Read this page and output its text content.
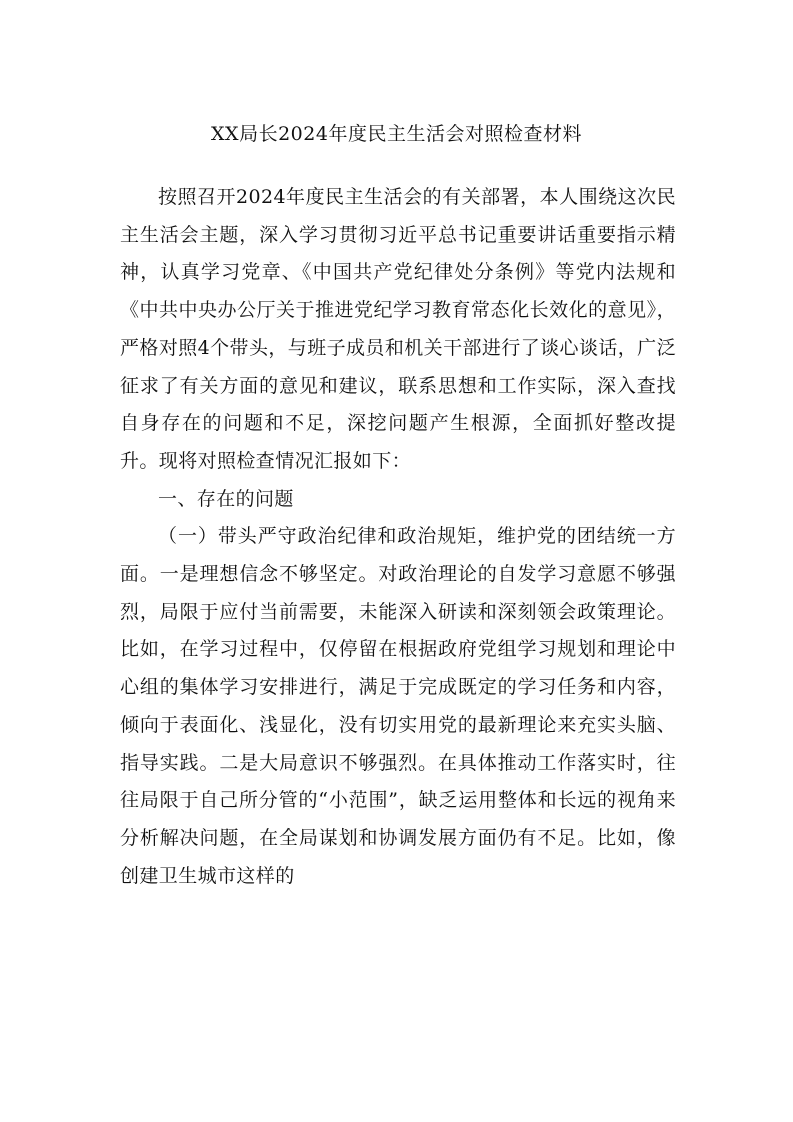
XX局长2024年度民主生活会对照检查材料

按照召开2024年度民主生活会的有关部署，本人围绕这次民主生活会主题，深入学习贯彻习近平总书记重要讲话重要指示精神，认真学习党章、《中国共产党纪律处分条例》等党内法规和《中共中央办公厅关于推进党纪学习教育常态化长效化的意见》，严格对照4个带头，与班子成员和机关干部进行了谈心谈话，广泛征求了有关方面的意见和建议，联系思想和工作实际，深入查找自身存在的问题和不足，深挖问题产生根源，全面抓好整改提升。现将对照检查情况汇报如下：

一、存在的问题

（一）带头严守政治纪律和政治规矩，维护党的团结统一方面。一是理想信念不够坚定。对政治理论的自发学习意愿不够强烈，局限于应付当前需要，未能深入研读和深刻领会政策理论。比如，在学习过程中，仅停留在根据政府党组学习规划和理论中心组的集体学习安排进行，满足于完成既定的学习任务和内容，倾向于表面化、浅显化，没有切实用党的最新理论来充实头脑、指导实践。二是大局意识不够强烈。在具体推动工作落实时，往往局限于自己所分管的“小范围”，缺乏运用整体和长远的视角来分析解决问题，在全局谋划和协调发展方面仍有不足。比如，像创建卫生城市这样的
